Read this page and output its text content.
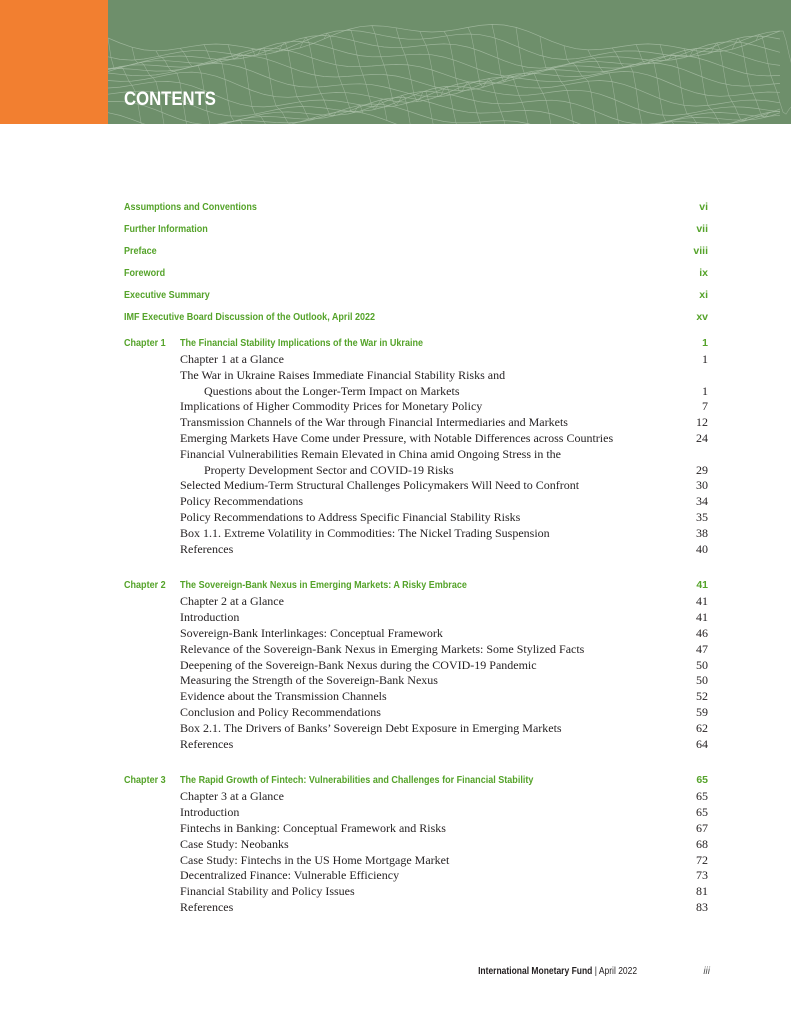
CONTENTS
Assumptions and Conventions	vi
Further Information	vii
Preface	viii
Foreword	ix
Executive Summary	xi
IMF Executive Board Discussion of the Outlook, April 2022	xv
Chapter 1 The Financial Stability Implications of the War in Ukraine	1
Chapter 1 at a Glance	1
The War in Ukraine Raises Immediate Financial Stability Risks and
Questions about the Longer-Term Impact on Markets	1
Implications of Higher Commodity Prices for Monetary Policy	7
Transmission Channels of the War through Financial Intermediaries and Markets	12
Emerging Markets Have Come under Pressure, with Notable Differences across Countries	24
Financial Vulnerabilities Remain Elevated in China amid Ongoing Stress in the
Property Development Sector and COVID-19 Risks	29
Selected Medium-Term Structural Challenges Policymakers Will Need to Confront	30
Policy Recommendations	34
Policy Recommendations to Address Specific Financial Stability Risks	35
Box 1.1. Extreme Volatility in Commodities: The Nickel Trading Suspension	38
References	40
Chapter 2 The Sovereign-Bank Nexus in Emerging Markets: A Risky Embrace	41
Chapter 2 at a Glance	41
Introduction	41
Sovereign-Bank Interlinkages: Conceptual Framework	46
Relevance of the Sovereign-Bank Nexus in Emerging Markets: Some Stylized Facts	47
Deepening of the Sovereign-Bank Nexus during the COVID-19 Pandemic	50
Measuring the Strength of the Sovereign-Bank Nexus	50
Evidence about the Transmission Channels	52
Conclusion and Policy Recommendations	59
Box 2.1. The Drivers of Banks’ Sovereign Debt Exposure in Emerging Markets	62
References	64
Chapter 3 The Rapid Growth of Fintech: Vulnerabilities and Challenges for Financial Stability	65
Chapter 3 at a Glance	65
Introduction	65
Fintechs in Banking: Conceptual Framework and Risks	67
Case Study: Neobanks	68
Case Study: Fintechs in the US Home Mortgage Market	72
Decentralized Finance: Vulnerable Efficiency	73
Financial Stability and Policy Issues	81
References	83
International Monetary Fund | April 2022	iii
